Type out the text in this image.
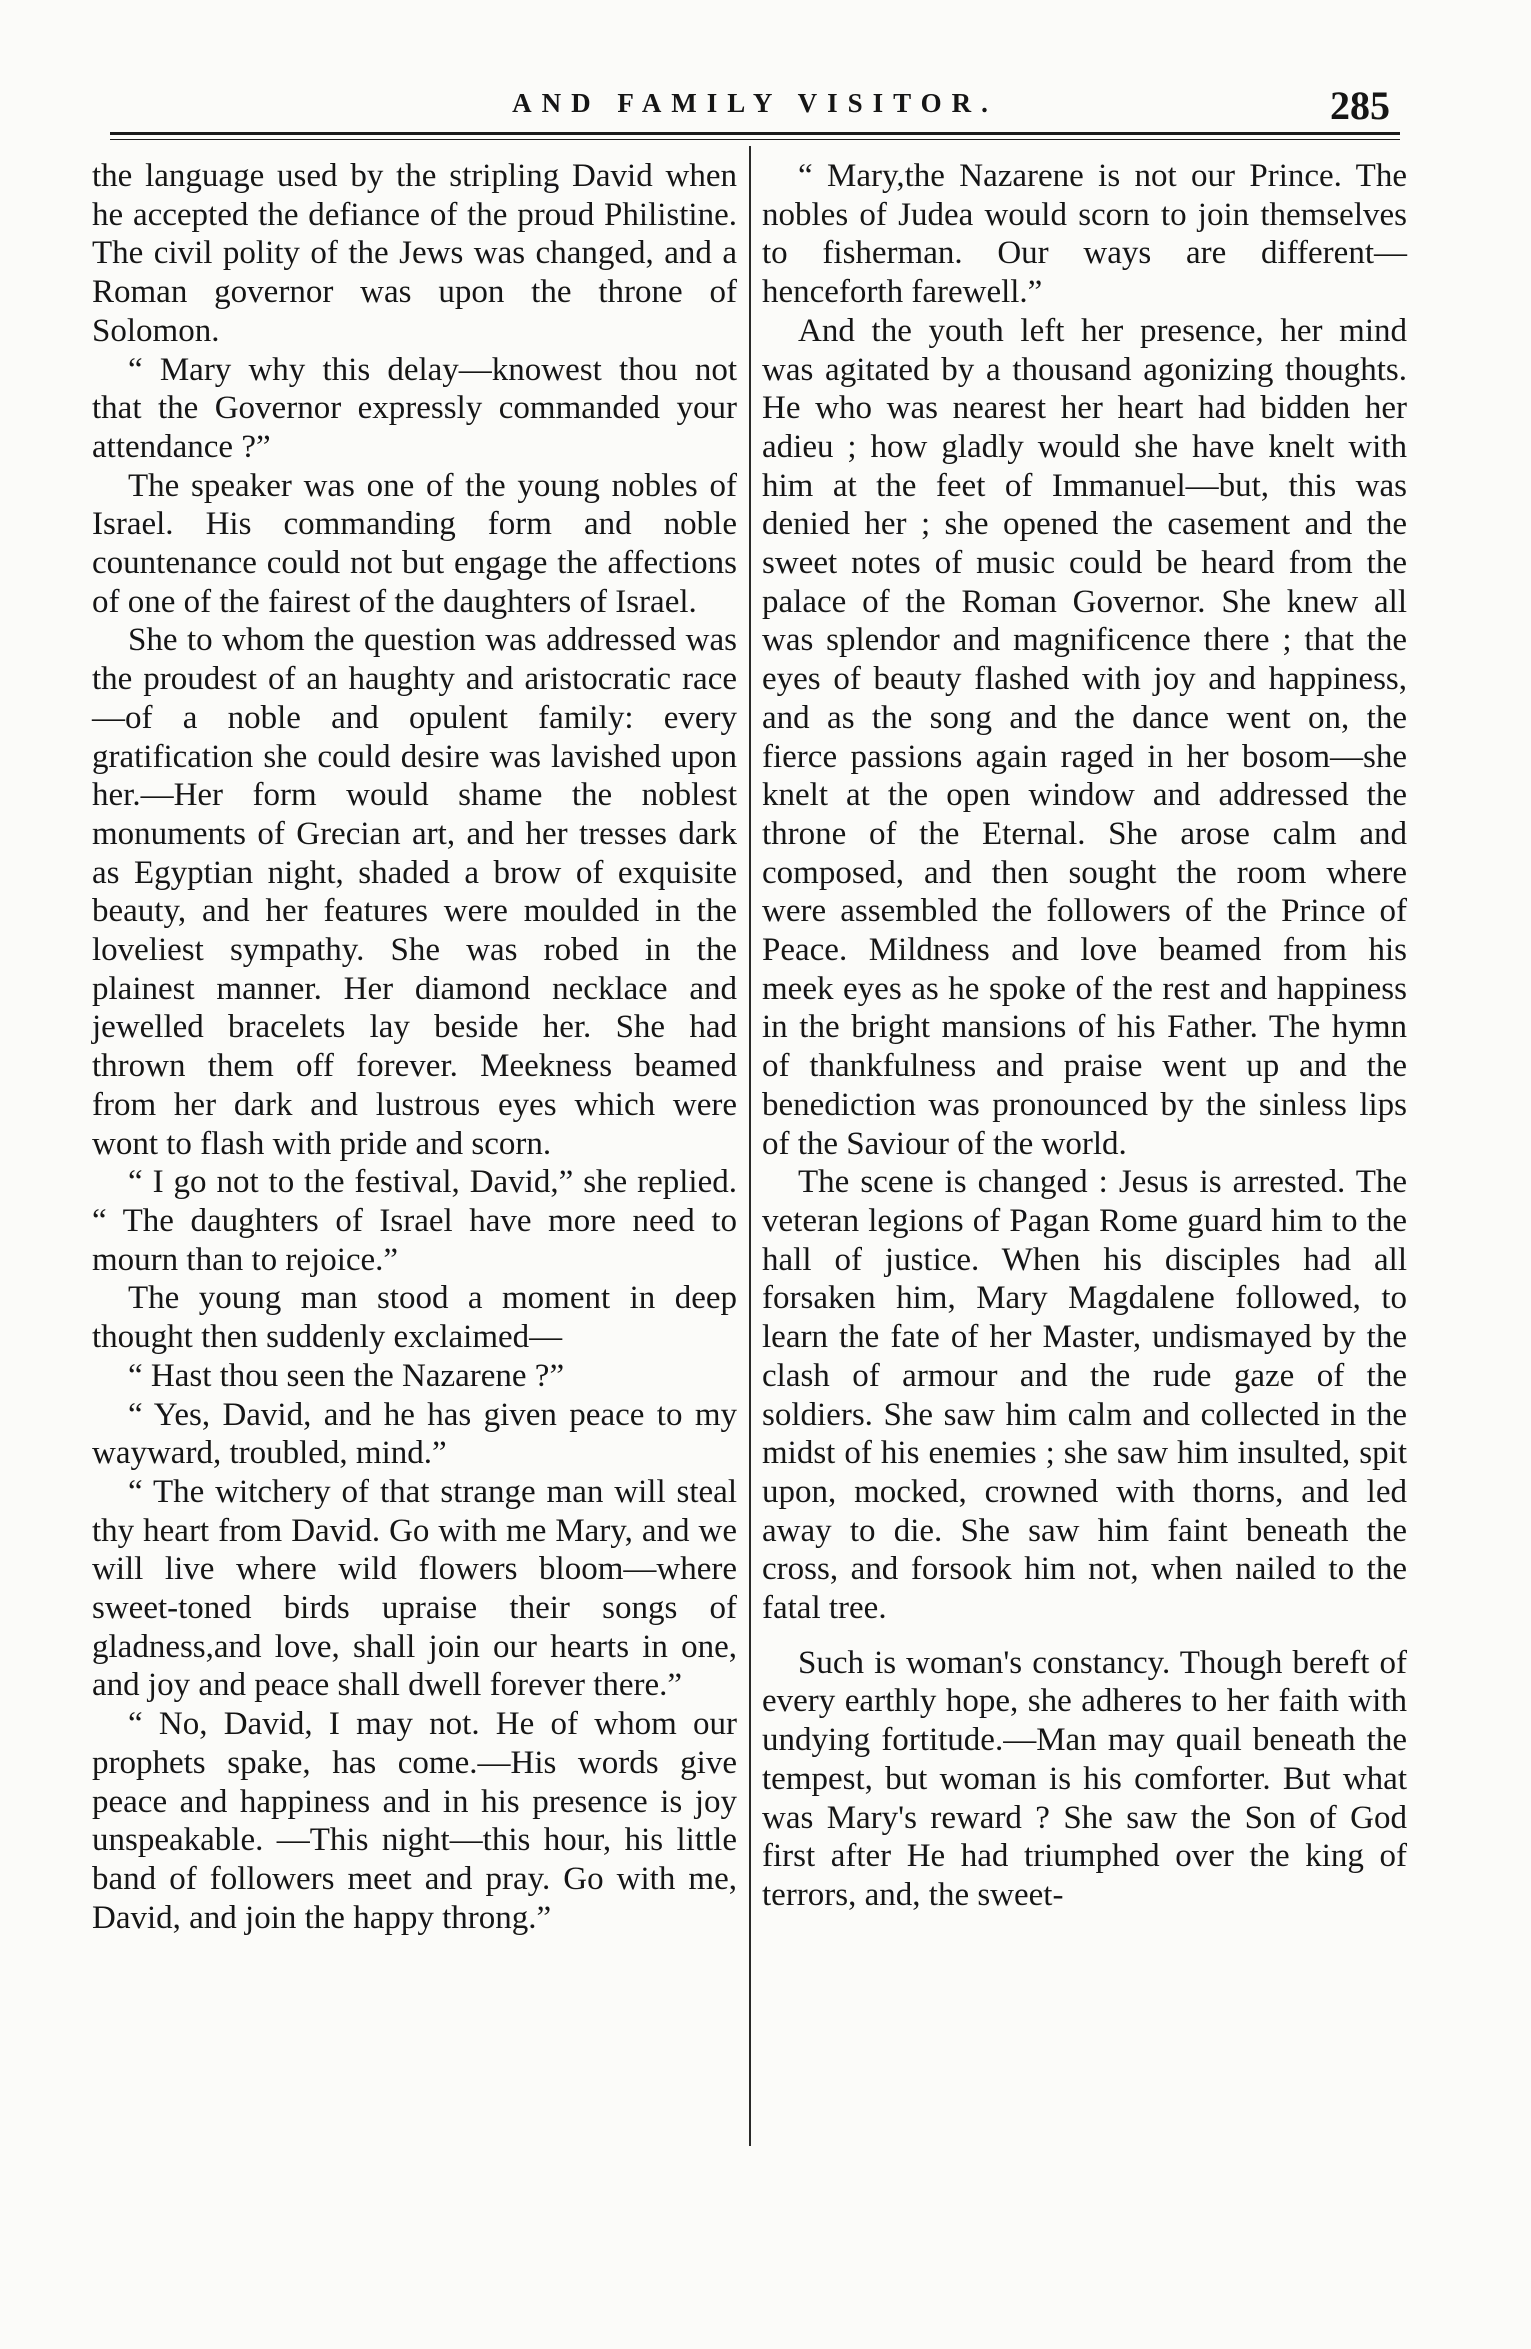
AND FAMILY VISITOR.	285

the language used by the stripling David when he accepted the defiance of the proud Philistine. The civil polity of the Jews was changed, and a Roman governor was upon the throne of Solomon.

“ Mary why this delay—knowest thou not that the Governor expressly commanded your attendance ?”

The speaker was one of the young nobles of Israel. His commanding form and noble countenance could not but engage the affections of one of the fairest of the daughters of Israel.

She to whom the question was addressed was the proudest of an haughty and aristocratic race—of a noble and opulent family: every gratification she could desire was lavished upon her.—Her form would shame the noblest monuments of Grecian art, and her tresses dark as Egyptian night, shaded a brow of exquisite beauty, and her features were moulded in the loveliest sympathy. She was robed in the plainest manner. Her diamond necklace and jewelled bracelets lay beside her. She had thrown them off forever. Meekness beamed from her dark and lustrous eyes which were wont to flash with pride and scorn.

“ I go not to the festival, David,” she replied. “ The daughters of Israel have more need to mourn than to rejoice.”

The young man stood a moment in deep thought then suddenly exclaimed—

“ Hast thou seen the Nazarene ?”

“ Yes, David, and he has given peace to my wayward, troubled, mind.”

“ The witchery of that strange man will steal thy heart from David. Go with me Mary, and we will live where wild flowers bloom—where sweet-toned birds upraise their songs of gladness,and love, shall join our hearts in one, and joy and peace shall dwell forever there.”

“ No, David, I may not. He of whom our prophets spake, has come.—His words give peace and happiness and in his presence is joy unspeakable. —This night—this hour, his little band of followers meet and pray. Go with me, David, and join the happy throng.”

“ Mary,the Nazarene is not our Prince. The nobles of Judea would scorn to join themselves to fisherman. Our ways are different—henceforth farewell.”

And the youth left her presence, her mind was agitated by a thousand agonizing thoughts. He who was nearest her heart had bidden her adieu ; how gladly would she have knelt with him at the feet of Immanuel—but, this was denied her ; she opened the casement and the sweet notes of music could be heard from the palace of the Roman Governor. She knew all was splendor and magnificence there ; that the eyes of beauty flashed with joy and happiness, and as the song and the dance went on, the fierce passions again raged in her bosom—she knelt at the open window and addressed the throne of the Eternal. She arose calm and composed, and then sought the room where were assembled the followers of the Prince of Peace. Mildness and love beamed from his meek eyes as he spoke of the rest and happiness in the bright mansions of his Father. The hymn of thankfulness and praise went up and the benediction was pronounced by the sinless lips of the Saviour of the world.

The scene is changed : Jesus is arrested. The veteran legions of Pagan Rome guard him to the hall of justice. When his disciples had all forsaken him, Mary Magdalene followed, to learn the fate of her Master, undismayed by the clash of armour and the rude gaze of the soldiers. She saw him calm and collected in the midst of his enemies ; she saw him insulted, spit upon, mocked, crowned with thorns, and led away to die. She saw him faint beneath the cross, and forsook him not, when nailed to the fatal tree.

Such is woman's constancy. Though bereft of every earthly hope, she adheres to her faith with undying fortitude.—Man may quail beneath the tempest, but woman is his comforter. But what was Mary's reward ? She saw the Son of God first after He had triumphed over the king of terrors, and, the sweet-
